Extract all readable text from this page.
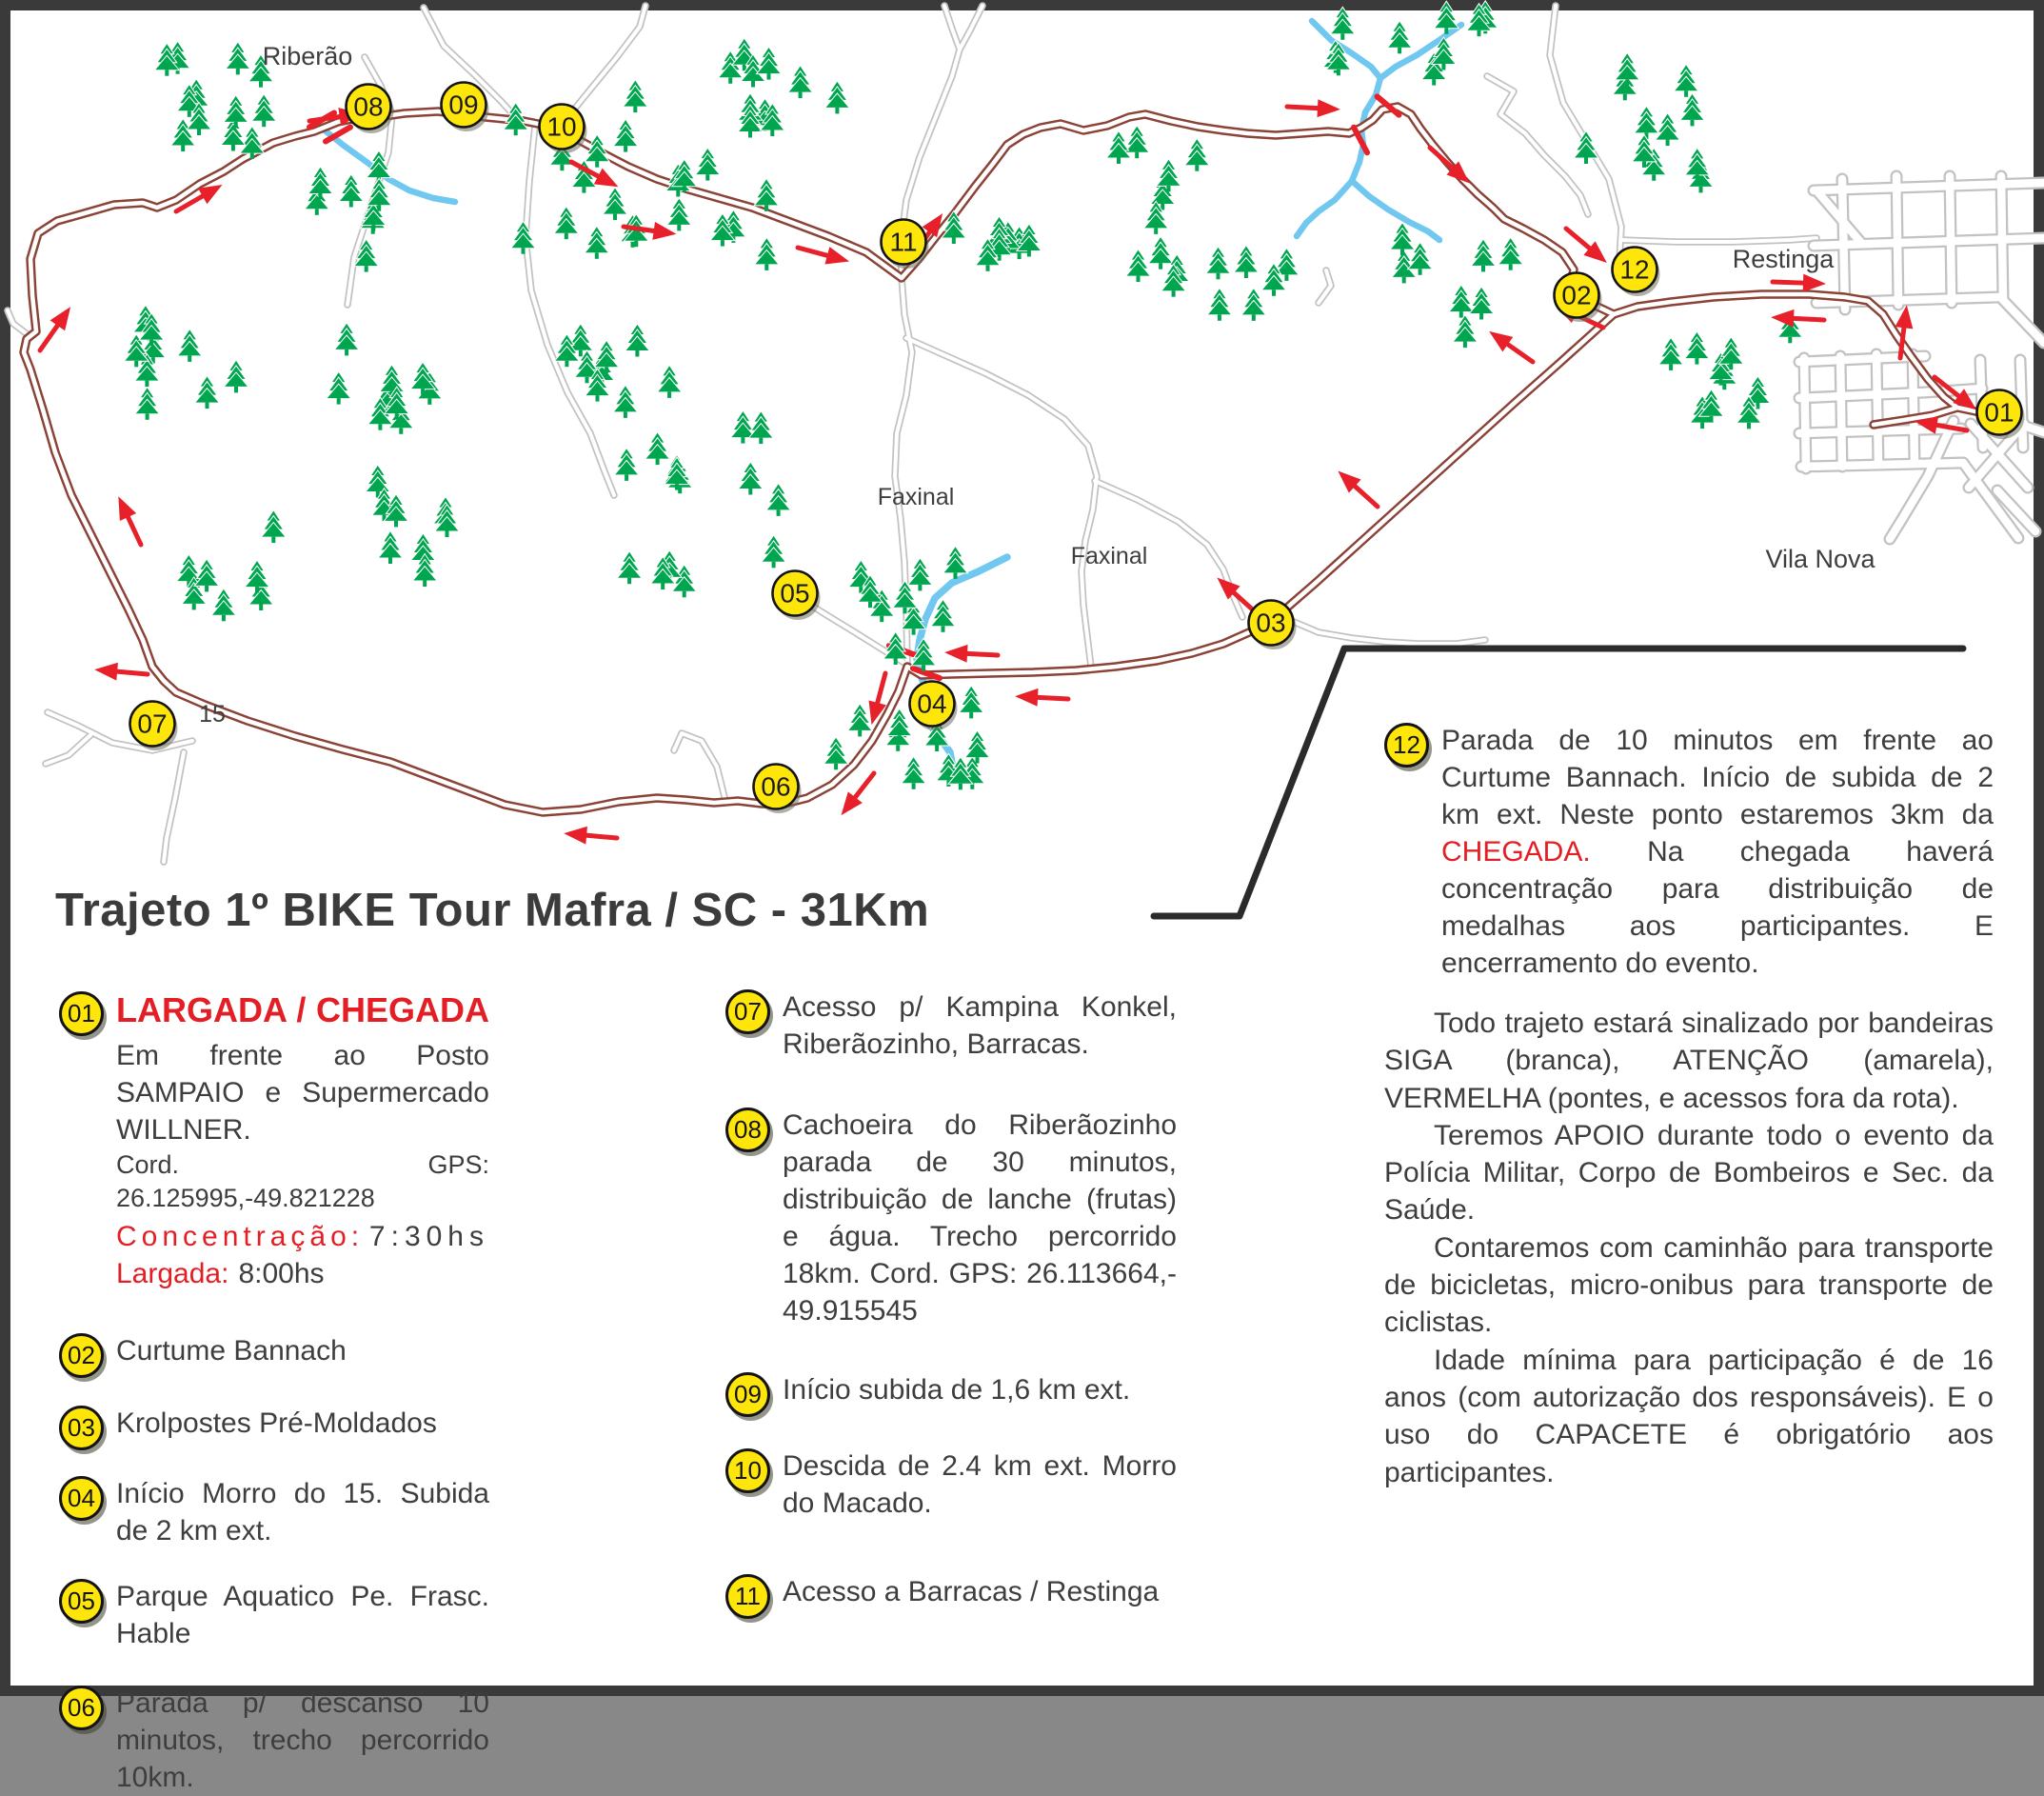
01
02
03
04
05
06
07
08 09
10
11
12
Riberão
Restinga
Vila Nova
Faxinal
Faxinal
15
Trajeto 1º BIKE Tour Mafra / SC - 31Km
01 LARGADA / CHEGADA
Em frente ao Posto SAMPAIO e Supermercado WILLNER.
Cord. GPS: 26.125995,-49.821228
Concentração: 7:30hs
Largada: 8:00hs
02 Curtume Bannach
03 Krolpostes Pré-Moldados
04 Início Morro do 15. Subida de 2 km ext.
05 Parque Aquatico Pe. Frasc. Hable
06 Parada p/ descanso 10 minutos, trecho percorrido 10km.
07 Acesso p/ Kampina Konkel, Riberãozinho, Barracas.
08 Cachoeira do Riberãozinho parada de 30 minutos, distribuição de lanche (frutas) e água. Trecho percorrido 18km. Cord. GPS: 26.113664,- 49.915545
09 Início subida de 1,6 km ext.
10 Descida de 2.4 km ext. Morro do Macado.
11 Acesso a Barracas / Restinga
12 Parada de 10 minutos em frente ao Curtume Bannach. Início de subida de 2 km ext. Neste ponto estaremos 3km da CHEGADA. Na chegada haverá concentração para distribuição de medalhas aos participantes. E encerramento do evento.

Todo trajeto estará sinalizado por bandeiras SIGA (branca), ATENÇÃO (amarela), VERMELHA (pontes, e acessos fora da rota).

Teremos APOIO durante todo o evento da Polícia Militar, Corpo de Bombeiros e Sec. da Saúde.

Contaremos com caminhão para transporte de bicicletas, micro-onibus para transporte de ciclistas.

Idade mínima para participação é de 16 anos (com autorização dos responsáveis). E o uso do CAPACETE é obrigatório aos participantes.
